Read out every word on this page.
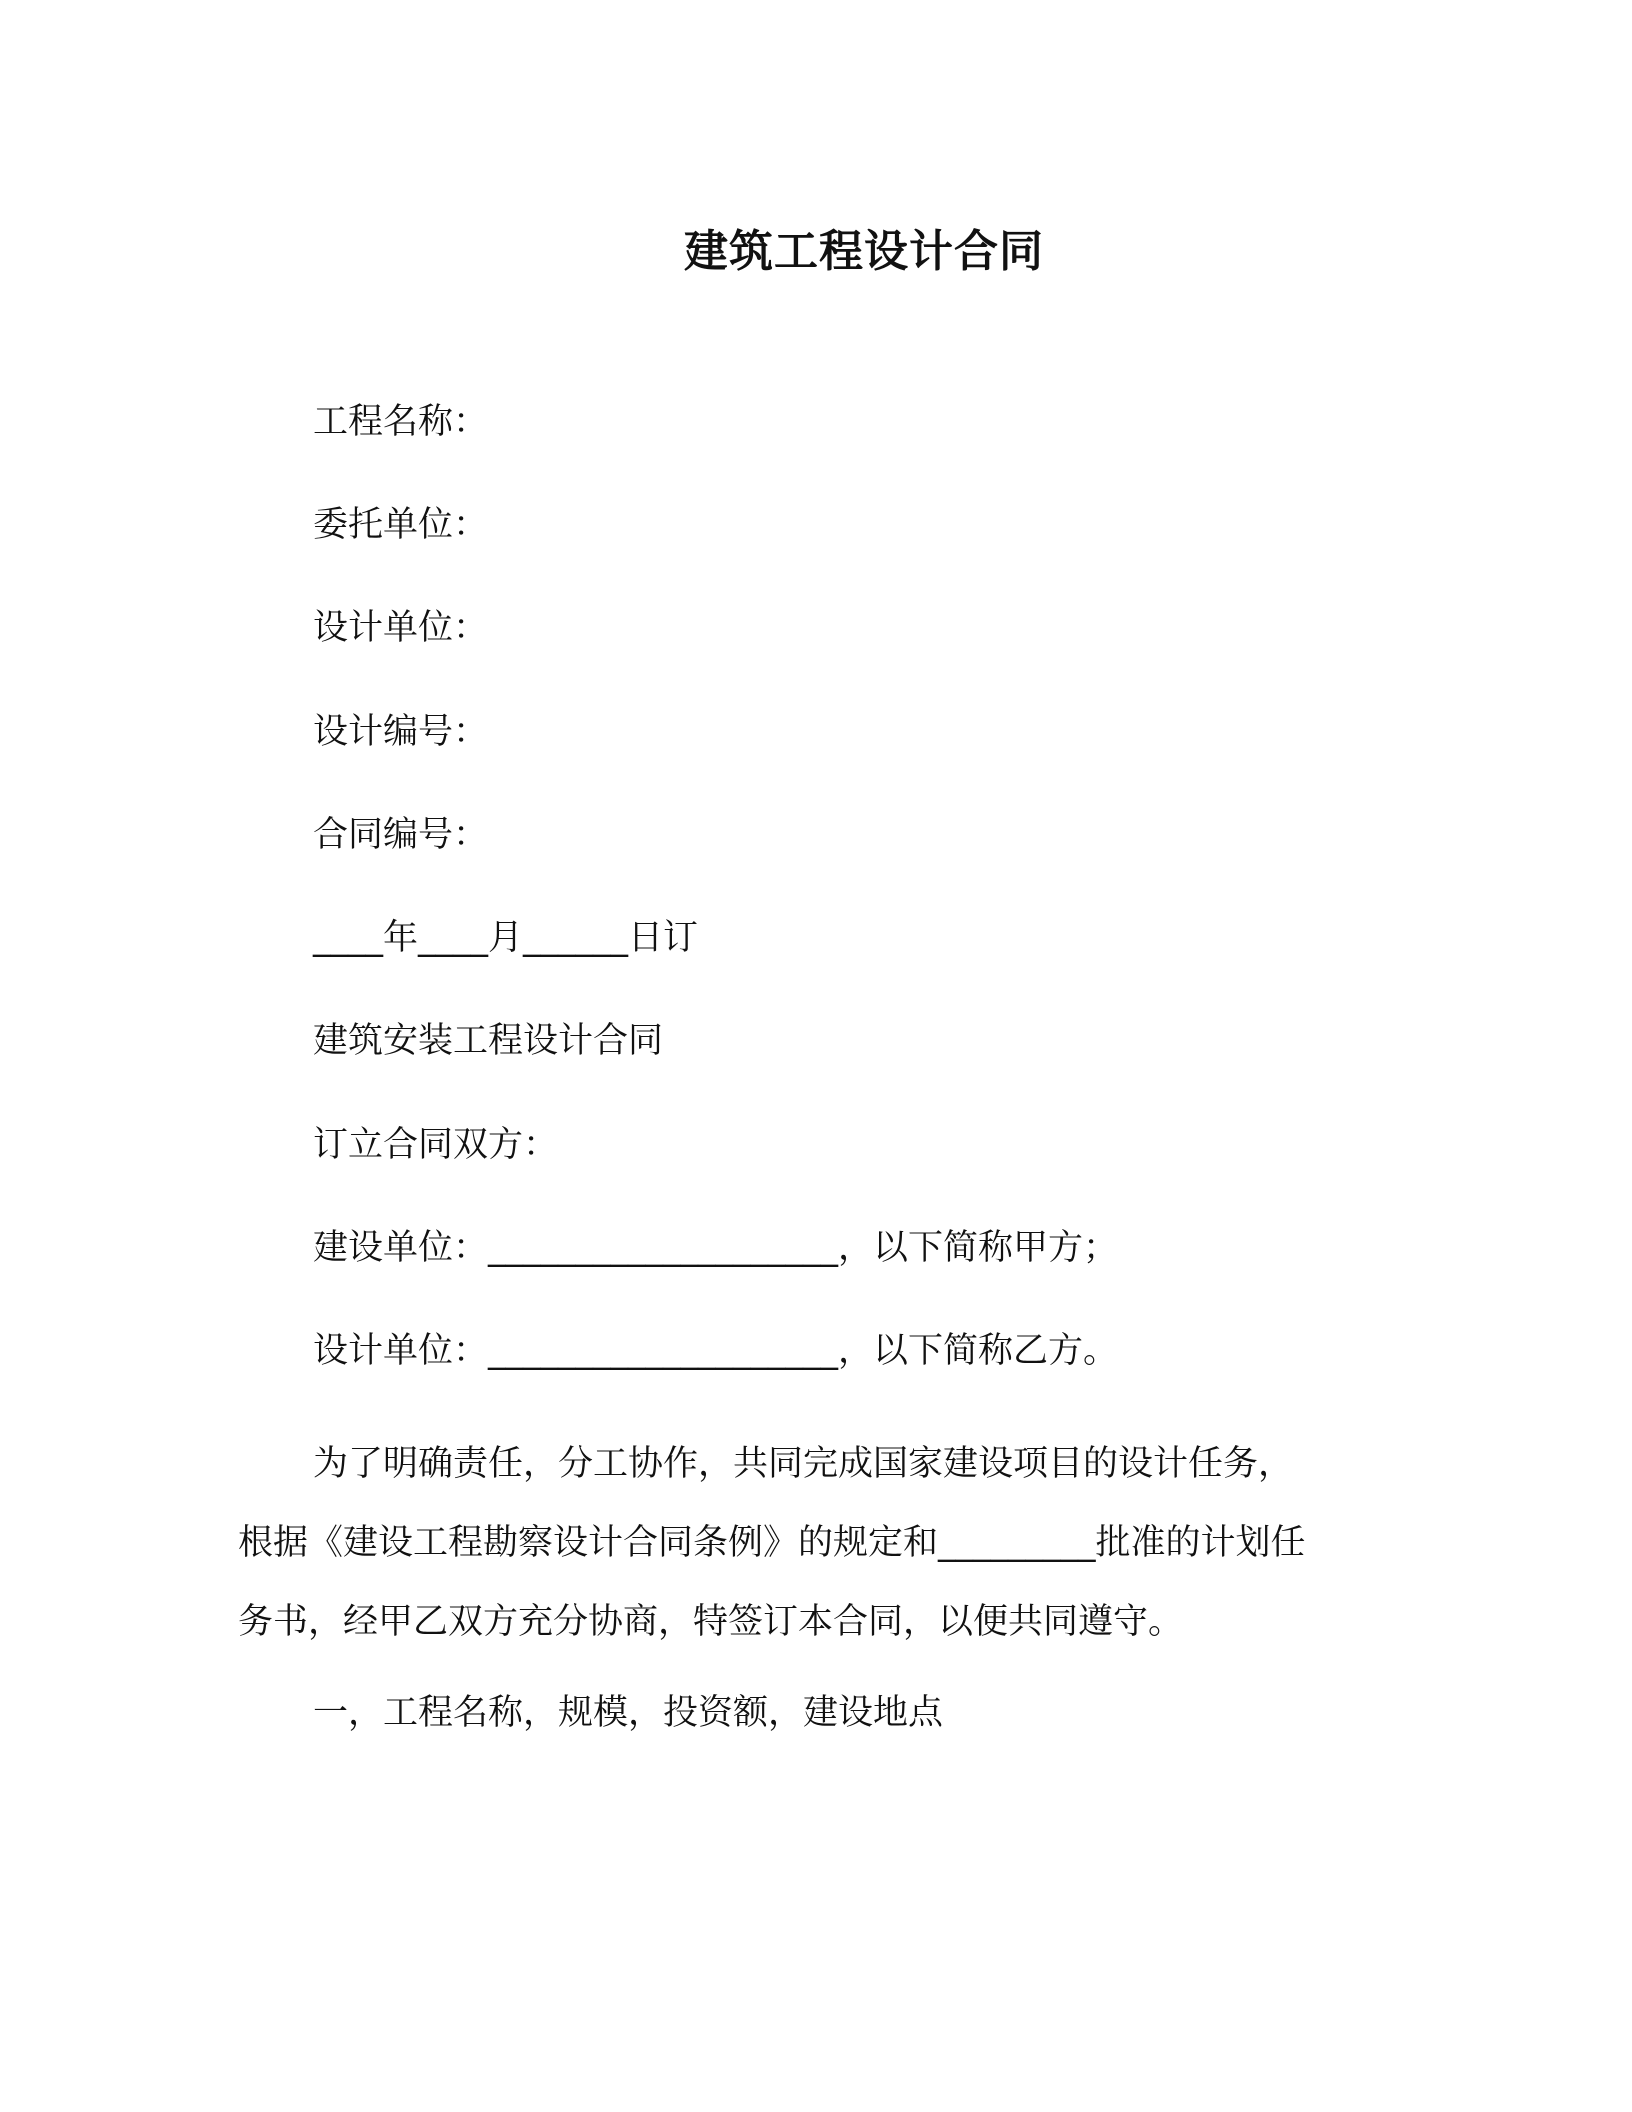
建筑工程设计合同
工程名称：
委托单位：
设计单位：
设计编号：
合同编号：
____年____月______日订
建筑安装工程设计合同
订立合同双方：
建设单位：____________________，以下简称甲方；
设计单位：____________________，以下简称乙方。
为了明确责任，分工协作，共同完成国家建设项目的设计任务，
根据《建设工程勘察设计合同条例》的规定和_________批准的计划任
务书，经甲乙双方充分协商，特签订本合同，以便共同遵守。
一，工程名称，规模，投资额，建设地点
